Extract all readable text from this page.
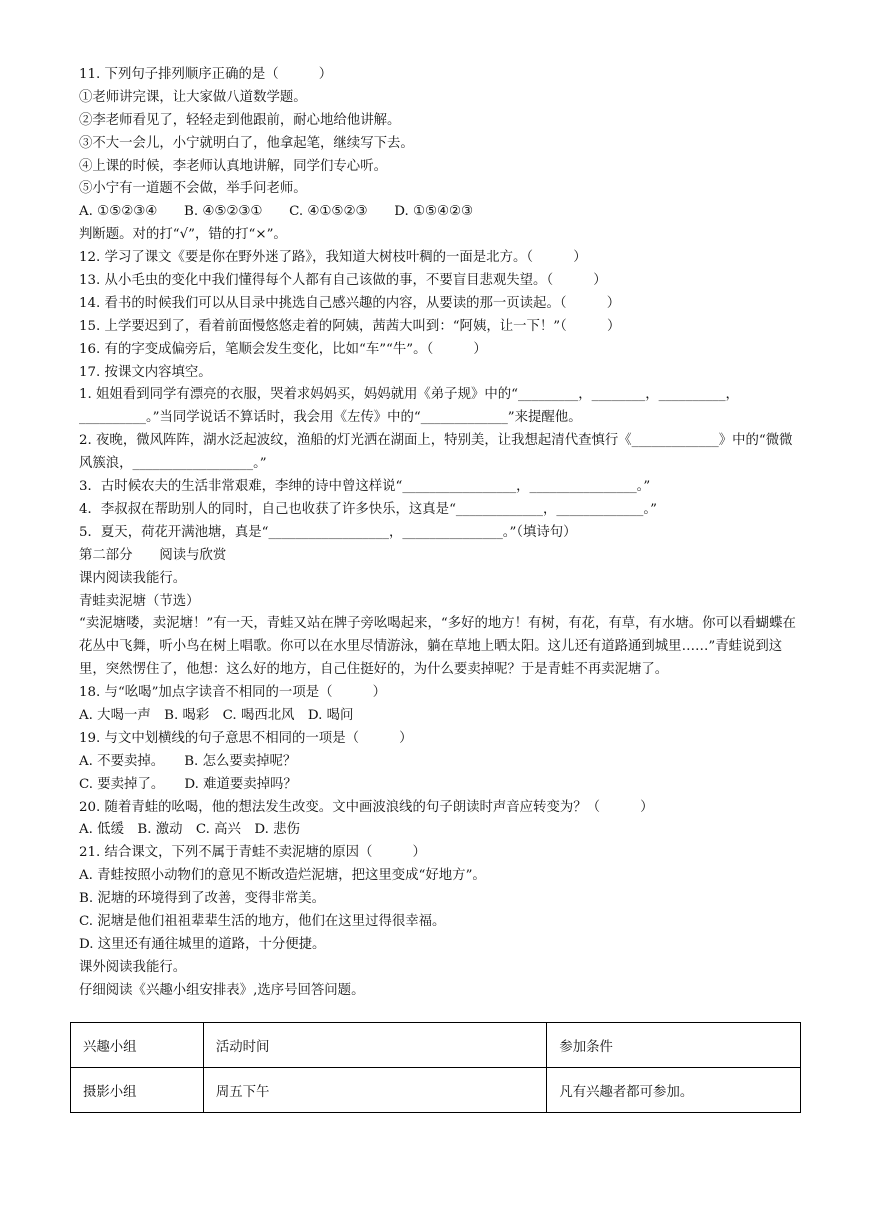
11. 下列句子排列顺序正确的是（　　　）
①老师讲完课，让大家做八道数学题。
②李老师看见了，轻轻走到他跟前，耐心地给他讲解。
③不大一会儿，小宁就明白了，他拿起笔，继续写下去。
④上课的时候，李老师认真地讲解，同学们专心听。
⑤小宁有一道题不会做，举手问老师。
A. ①⑤②③④　　B. ④⑤②③①　　C. ④①⑤②③　　D. ①⑤④②③
判断题。对的打“√”，错的打“×”。
12. 学习了课文《要是你在野外迷了路》，我知道大树枝叶稠的一面是北方。（　　　）
13. 从小毛虫的变化中我们懂得每个人都有自己该做的事，不要盲目悲观失望。（　　　）
14. 看书的时候我们可以从目录中挑选自己感兴趣的内容，从要读的那一页读起。（　　　）
15. 上学要迟到了，看着前面慢悠悠走着的阿姨，茜茜大叫到：“阿姨，让一下！”（　　　）
16. 有的字变成偏旁后，笔顺会发生变化，比如“车”“牛”。（　　　）
17. 按课文内容填空。
1. 姐姐看到同学有漂亮的衣服，哭着求妈妈买，妈妈就用《弟子规》中的“_________，________，__________，__________。”当同学说话不算话时，我会用《左传》中的“_____________”来提醒他。
2. 夜晚，微风阵阵，湖水泛起波纹，渔船的灯光洒在湖面上，特别美，让我想起清代查慎行《_____________》中的“微微风簇浪，__________________。”
3．古时候农夫的生活非常艰难，李绅的诗中曾这样说“_________________，________________。”
4．李叔叔在帮助别人的同时，自己也收获了许多快乐，这真是“_____________，_____________。”
5．夏天，荷花开满池塘，真是“__________________，_______________。”（填诗句）
第二部分　　阅读与欣赏
课内阅读我能行。
青蛙卖泥塘（节选）
“卖泥塘喽，卖泥塘！”有一天，青蛙又站在牌子旁吆喝起来，“多好的地方！有树，有花，有草，有水塘。你可以看蝴蝶在花丛中飞舞，听小鸟在树上唱歌。你可以在水里尽情游泳，躺在草地上晒太阳。这儿还有道路通到城里……”青蛙说到这里，突然愣住了，他想：这么好的地方，自己住挺好的，为什么要卖掉呢？于是青蛙不再卖泥塘了。
18. 与“吆喝”加点字读音不相同的一项是（　　　）
A. 大喝一声　B. 喝彩　C. 喝西北风　D. 喝问
19. 与文中划横线的句子意思不相同的一项是（　　　）
A. 不要卖掉。　　B. 怎么要卖掉呢？
C. 要卖掉了。　　D. 难道要卖掉吗？
20. 随着青蛙的吆喝，他的想法发生改变。文中画波浪线的句子朗读时声音应转变为？（　　　）
A. 低缓　B. 激动　C. 高兴　D. 悲伤
21. 结合课文，下列不属于青蛙不卖泥塘的原因（　　　）
A. 青蛙按照小动物们的意见不断改造烂泥塘，把这里变成“好地方”。
B. 泥塘的环境得到了改善，变得非常美。
C. 泥塘是他们祖祖辈辈生活的地方，他们在这里过得很幸福。
D. 这里还有通往城里的道路，十分便捷。
课外阅读我能行。
仔细阅读《兴趣小组安排表》,选序号回答问题。
兴趣小组	活动时间	参加条件
摄影小组	周五下午	凡有兴趣者都可参加。
